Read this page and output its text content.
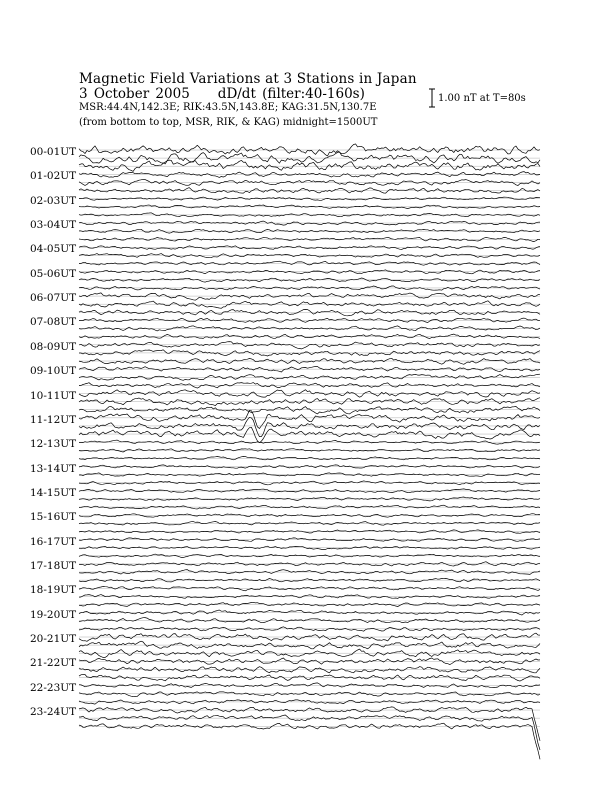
Magnetic Field Variations at 3 Stations in Japan
3 October 2005 dD/dt (filter:40-160s)
MSR:44.4N,142.3E; RIK:43.5N,143.8E; KAG:31.5N,130.7E
(from bottom to top, MSR, RIK, & KAG) midnight=1500UT
1.00 nT at T=80s
00-01UT
01-02UT
02-03UT
03-04UT
04-05UT
05-06UT
06-07UT
07-08UT
08-09UT
09-10UT
10-11UT
11-12UT
12-13UT
13-14UT
14-15UT
15-16UT
16-17UT
17-18UT
18-19UT
19-20UT
20-21UT
21-22UT
22-23UT
23-24UT
